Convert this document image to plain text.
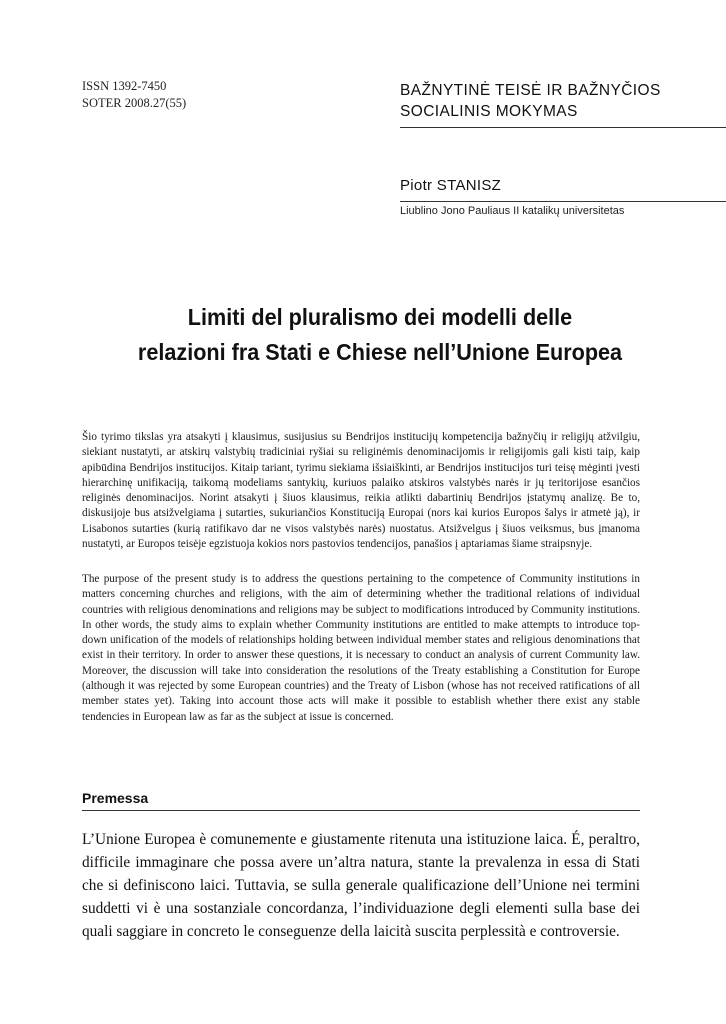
ISSN 1392-7450
SOTER 2008.27(55)
BAŽNYTINĖ TEISĖ IR BAŽNYČIOS
SOCIALINIS MOKYMAS
Piotr STANISZ
Liublino Jono Pauliaus II katalikų universitetas
Limiti del pluralismo dei modelli delle
relazioni fra Stati e Chiese nell’Unione Europea

Šio tyrimo tikslas yra atsakyti į klausimus, susijusius su Bendrijos institucijų kompetencija bažnyčių ir religijų atžvilgiu, siekiant nustatyti, ar atskirų valstybių tradiciniai ryšiai su religinėmis denominacijomis ir religijomis gali kisti taip, kaip apibūdina Bendrijos institucijos. Kitaip tariant, tyrimu siekiama išsiaiškinti, ar Bendrijos institucijos turi teisę mėginti įvesti hierarchinę unifikaciją, taikomą modeliams santykių, kuriuos palaiko atskiros valstybės narės ir jų teritorijose esančios religinės denominacijos. Norint atsakyti į šiuos klausimus, reikia atlikti dabartinių Bendrijos įstatymų analizę. Be to, diskusijoje bus atsižvelgiama į sutarties, sukuriančios Konstituciją Europai (nors kai kurios Europos šalys ir atmetė ją), ir Lisabonos sutarties (kurią ratifikavo dar ne visos valstybės narės) nuostatus. Atsižvelgus į šiuos veiksmus, bus įmanoma nustatyti, ar Europos teisėje egzistuoja kokios nors pastovios tendencijos, panašios į aptariamas šiame straipsnyje.

The purpose of the present study is to address the questions pertaining to the competence of Community institutions in matters concerning churches and religions, with the aim of determining whether the traditional relations of individual countries with religious denominations and religions may be subject to modifications introduced by Community institutions. In other words, the study aims to explain whether Community institutions are entitled to make attempts to introduce top-down unification of the models of relationships holding between individual member states and religious denominations that exist in their territory. In order to answer these questions, it is necessary to conduct an analysis of current Community law. Moreover, the discussion will take into consideration the resolutions of the Treaty establishing a Constitution for Europe (although it was rejected by some European countries) and the Treaty of Lisbon (whose has not received ratifications of all member states yet). Taking into account those acts will make it possible to establish whether there exist any stable tendencies in European law as far as the subject at issue is concerned.

Premessa

L’Unione Europea è comunemente e giustamente ritenuta una istituzione laica. É, peraltro, difficile immaginare che possa avere un’altra natura, stante la prevalenza in essa di Stati che si definiscono laici. Tuttavia, se sulla generale qualificazione dell’Unione nei termini suddetti vi è una sostanziale concordanza, l’individuazione degli elementi sulla base dei quali saggiare in concreto le conseguenze della laicità suscita perplessità e controversie.
